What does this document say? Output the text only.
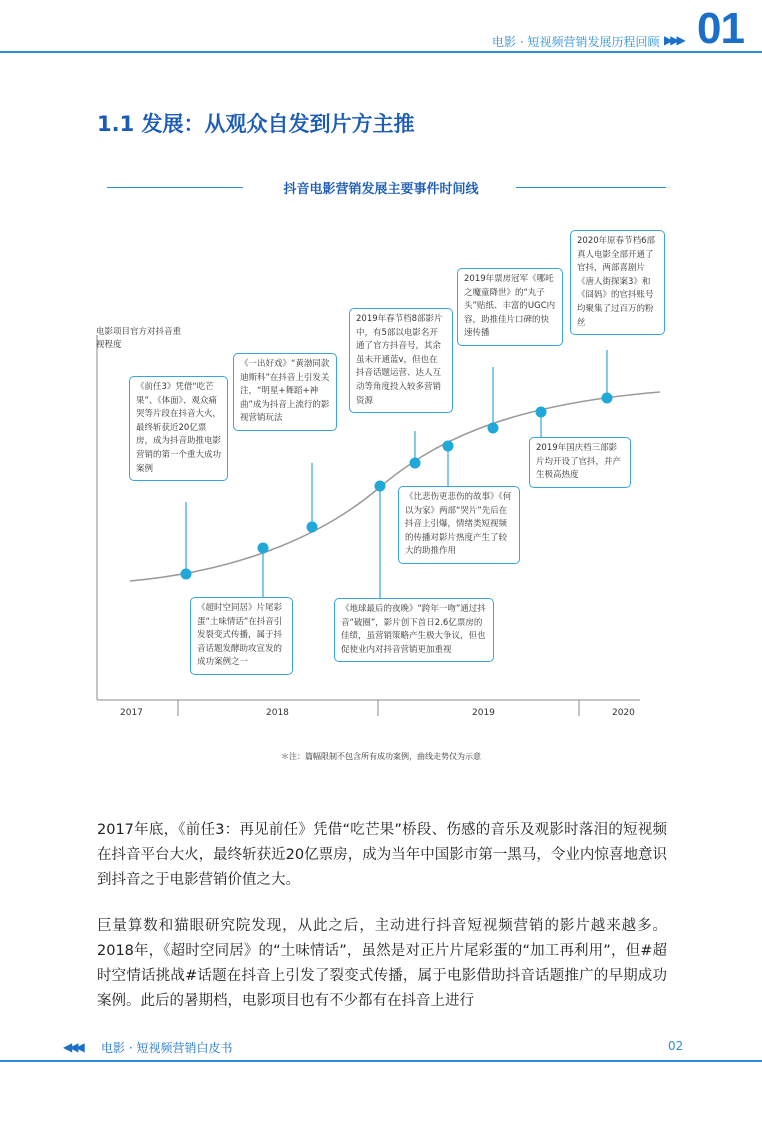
电影 · 短视频营销发展历程回顾 ▶▶▶ 01
1.1 发展：从观众自发到片方主推
抖音电影营销发展主要事件时间线
电影项目官方对抖音重视程度
《前任3》凭借“吃芒果”、《体面》、观众痛哭等片段在抖音大火，最终斩获近20亿票房，成为抖音助推电影营销的第一个重大成功案例
《超时空同居》片尾彩蛋“土味情话”在抖音引发裂变式传播，属于抖音话题发酵助攻宣发的成功案例之一
《一出好戏》“黄渤同款迪斯科”在抖音上引发关注，“明星+舞蹈+神曲”成为抖音上流行的影视营销玩法
《地球最后的夜晚》“跨年一吻”通过抖音“破圈”，影片创下首日2.6亿票房的佳绩，虽营销策略产生极大争议，但也促使业内对抖音营销更加重视
2019年春节档8部影片中，有5部以电影名开通了官方抖音号，其余虽未开通蓝v，但也在抖音话题运营、达人互动等角度投入较多营销资源
《比悲伤更悲伤的故事》《何以为家》两部“哭片”先后在抖音上引爆，情绪类短视频的传播对影片热度产生了较大的助推作用
2019年票房冠军《哪吒之魔童降世》的“丸子头”贴纸、丰富的UGC内容，助推佳片口碑的快速传播
2019年国庆档三部影片均开设了官抖，并产生极高热度
2020年原春节档6部真人电影全部开通了官抖，两部喜剧片《唐人街探案3》和《囧妈》的官抖账号均聚集了过百万的粉丝
2017	2018	2019	2020
＊注：篇幅限制不包含所有成功案例，曲线走势仅为示意
2017年底，《前任3：再见前任》凭借“吃芒果”桥段、伤感的音乐及观影时落泪的短视频在抖音平台大火，最终斩获近20亿票房，成为当年中国影市第一黑马，令业内惊喜地意识到抖音之于电影营销价值之大。
巨量算数和猫眼研究院发现，从此之后，主动进行抖音短视频营销的影片越来越多。2018年，《超时空同居》的“土味情话”，虽然是对正片片尾彩蛋的“加工再利用”，但#超时空情话挑战#话题在抖音上引发了裂变式传播，属于电影借助抖音话题推广的早期成功案例。此后的暑期档，电影项目也有不少都有在抖音上进行
◀◀◀ 电影 · 短视频营销白皮书	02
